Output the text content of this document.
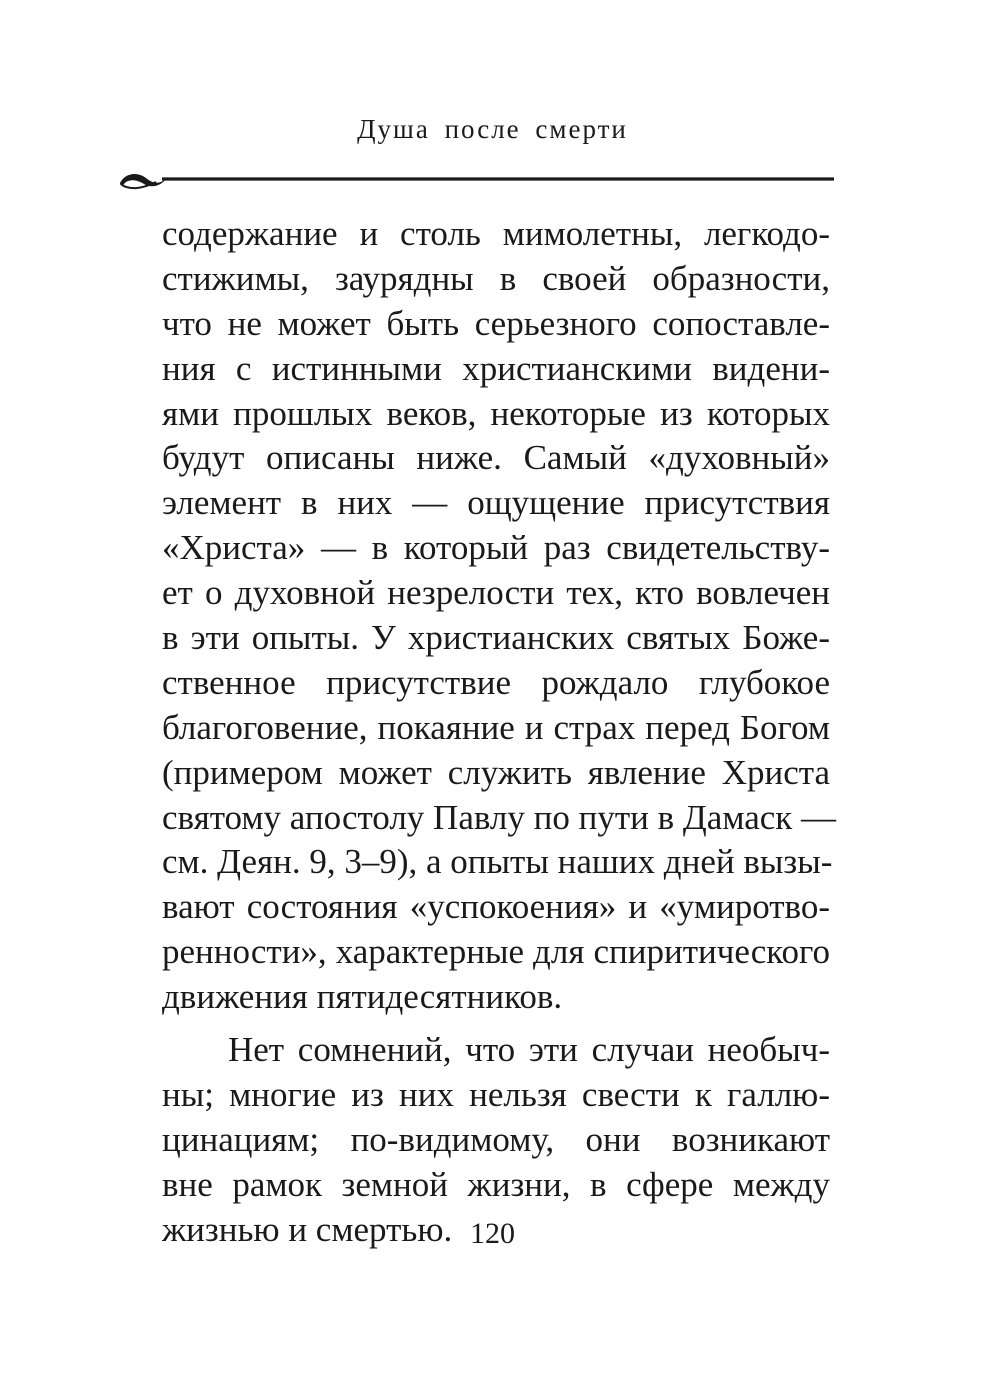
Душа после смерти
содержание и столь мимолетны, легкодо-
стижимы, заурядны в своей образности,
что не может быть серьезного сопоставле-
ния с истинными христианскими видени-
ями прошлых веков, некоторые из которых
будут описаны ниже. Самый «духовный»
элемент в них — ощущение присутствия
«Христа» — в который раз свидетельству-
ет о духовной незрелости тех, кто вовлечен
в эти опыты. У христианских святых Боже-
ственное присутствие рождало глубокое
благоговение, покаяние и страх перед Богом
(примером может служить явление Христа
святому апостолу Павлу по пути в Дамаск —
см. Деян. 9, 3–9), а опыты наших дней вызы-
вают состояния «успокоения» и «умиротво-
ренности», характерные для спиритического
движения пятидесятников.
Нет сомнений, что эти случаи необыч-
ны; многие из них нельзя свести к галлю-
цинациям; по-видимому, они возникают
вне рамок земной жизни, в сфере между
жизнью и смертью. 120
